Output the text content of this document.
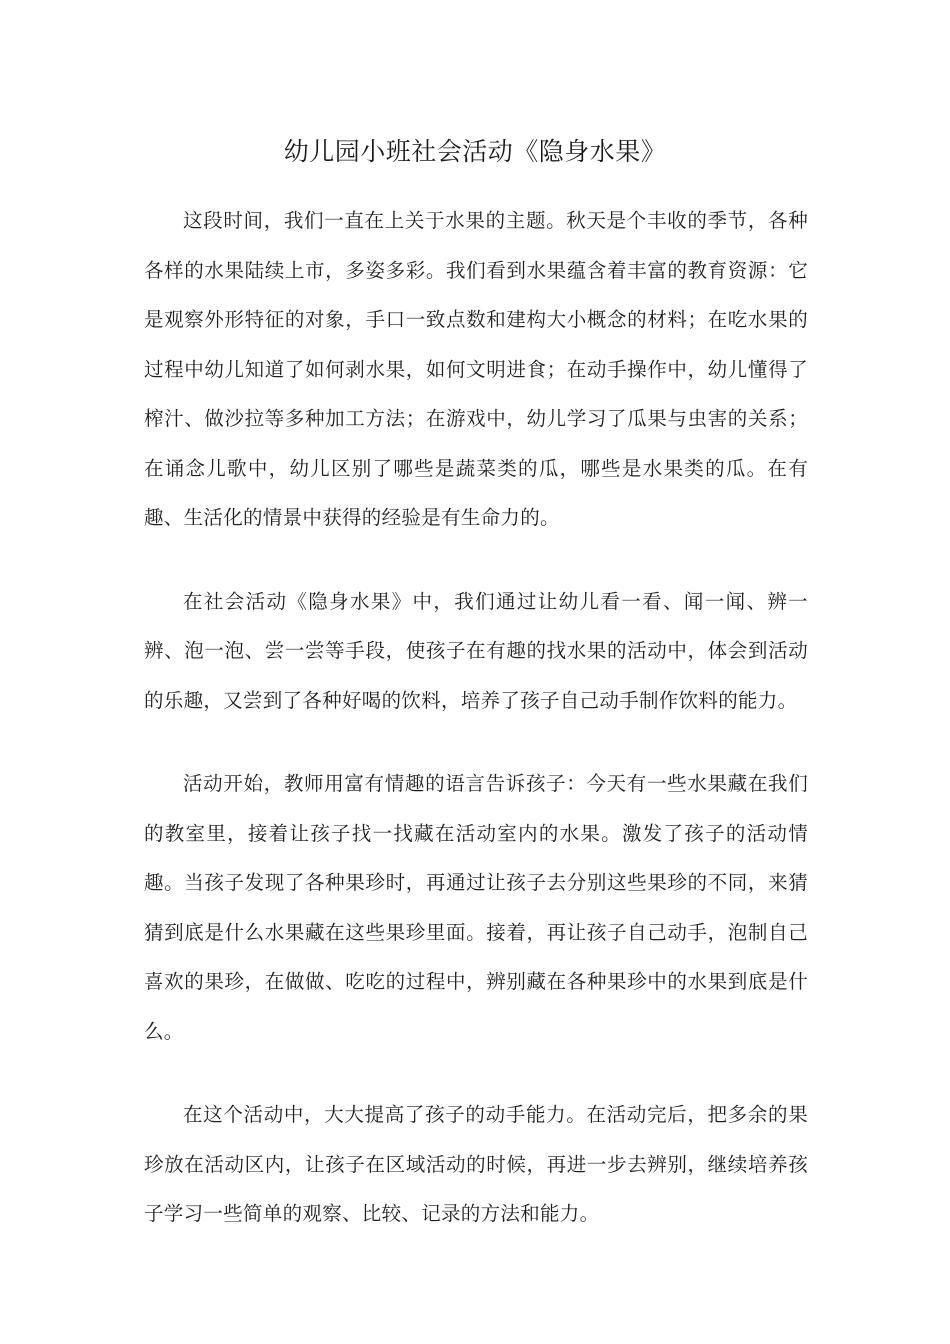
幼儿园小班社会活动《隐身水果》

这段时间，我们一直在上关于水果的主题。秋天是个丰收的季节，各种各样的水果陆续上市，多姿多彩。我们看到水果蕴含着丰富的教育资源：它是观察外形特征的对象，手口一致点数和建构大小概念的材料；在吃水果的过程中幼儿知道了如何剥水果，如何文明进食；在动手操作中，幼儿懂得了榨汁、做沙拉等多种加工方法；在游戏中，幼儿学习了瓜果与虫害的关系；在诵念儿歌中，幼儿区别了哪些是蔬菜类的瓜，哪些是水果类的瓜。在有趣、生活化的情景中获得的经验是有生命力的。

在社会活动《隐身水果》中，我们通过让幼儿看一看、闻一闻、辨一辨、泡一泡、尝一尝等手段，使孩子在有趣的找水果的活动中，体会到活动的乐趣，又尝到了各种好喝的饮料，培养了孩子自己动手制作饮料的能力。

活动开始，教师用富有情趣的语言告诉孩子：今天有一些水果藏在我们的教室里，接着让孩子找一找藏在活动室内的水果。激发了孩子的活动情趣。当孩子发现了各种果珍时，再通过让孩子去分别这些果珍的不同，来猜猜到底是什么水果藏在这些果珍里面。接着，再让孩子自己动手，泡制自己喜欢的果珍，在做做、吃吃的过程中，辨别藏在各种果珍中的水果到底是什么。

在这个活动中，大大提高了孩子的动手能力。在活动完后，把多余的果珍放在活动区内，让孩子在区域活动的时候，再进一步去辨别，继续培养孩子学习一些简单的观察、比较、记录的方法和能力。
